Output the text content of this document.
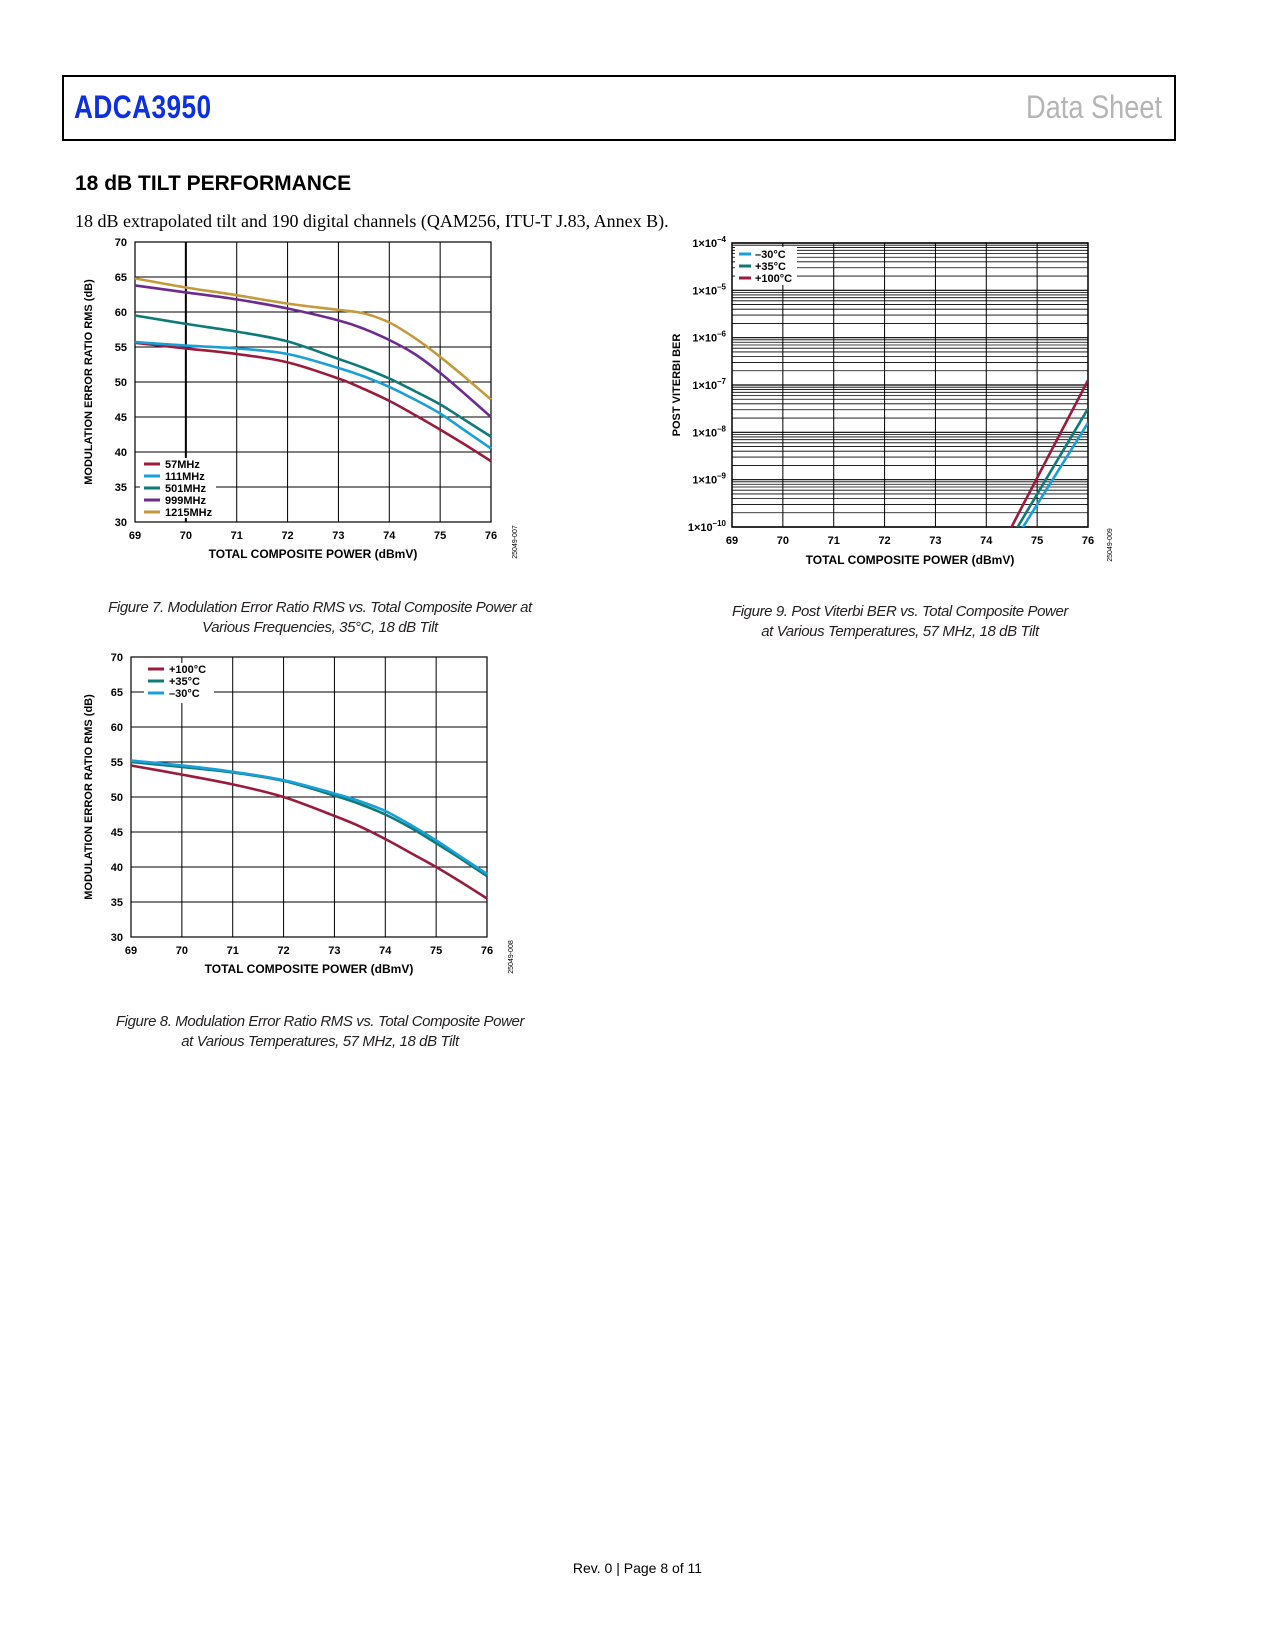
ADCA3950	Data Sheet
18 dB TILT PERFORMANCE
18 dB extrapolated tilt and 190 digital channels (QAM256, ITU-T J.83, Annex B).
69	70	71	72	73	74	75	76
30
35
40
45
50
55
60
65
70
TOTAL COMPOSITE POWER (dBmV)
MODULATION ERROR RATIO RMS (dB)
25049-007
57MHz
111MHz
501MHz
999MHz
1215MHz
Figure 7. Modulation Error Ratio RMS vs. Total Composite Power at
Various Frequencies, 35°C, 18 dB Tilt
69	70	71	72	73	74	75	76
30
35
40
45
50
55
60
65
70
TOTAL COMPOSITE POWER (dBmV)
MODULATION ERROR RATIO RMS (dB)
25049-008
+100°C
+35°C
–30°C
Figure 8. Modulation Error Ratio RMS vs. Total Composite Power
at Various Temperatures, 57 MHz, 18 dB Tilt
$1\times 10^{-4}$
$1\times 10^{-5}$
$1\times 10^{-6}$
$1\times 10^{-7}$
$1\times 10^{-8}$
$1\times 10^{-9}$
$1\times 10^{-10}$
69	70	71	72	73	74	75	76
TOTAL COMPOSITE POWER (dBmV)
POST VITERBI BER
25049-009
–30°C
+35°C
+100°C
Figure 9. Post Viterbi BER vs. Total Composite Power
at Various Temperatures, 57 MHz, 18 dB Tilt
Rev. 0 | Page 8 of 11
